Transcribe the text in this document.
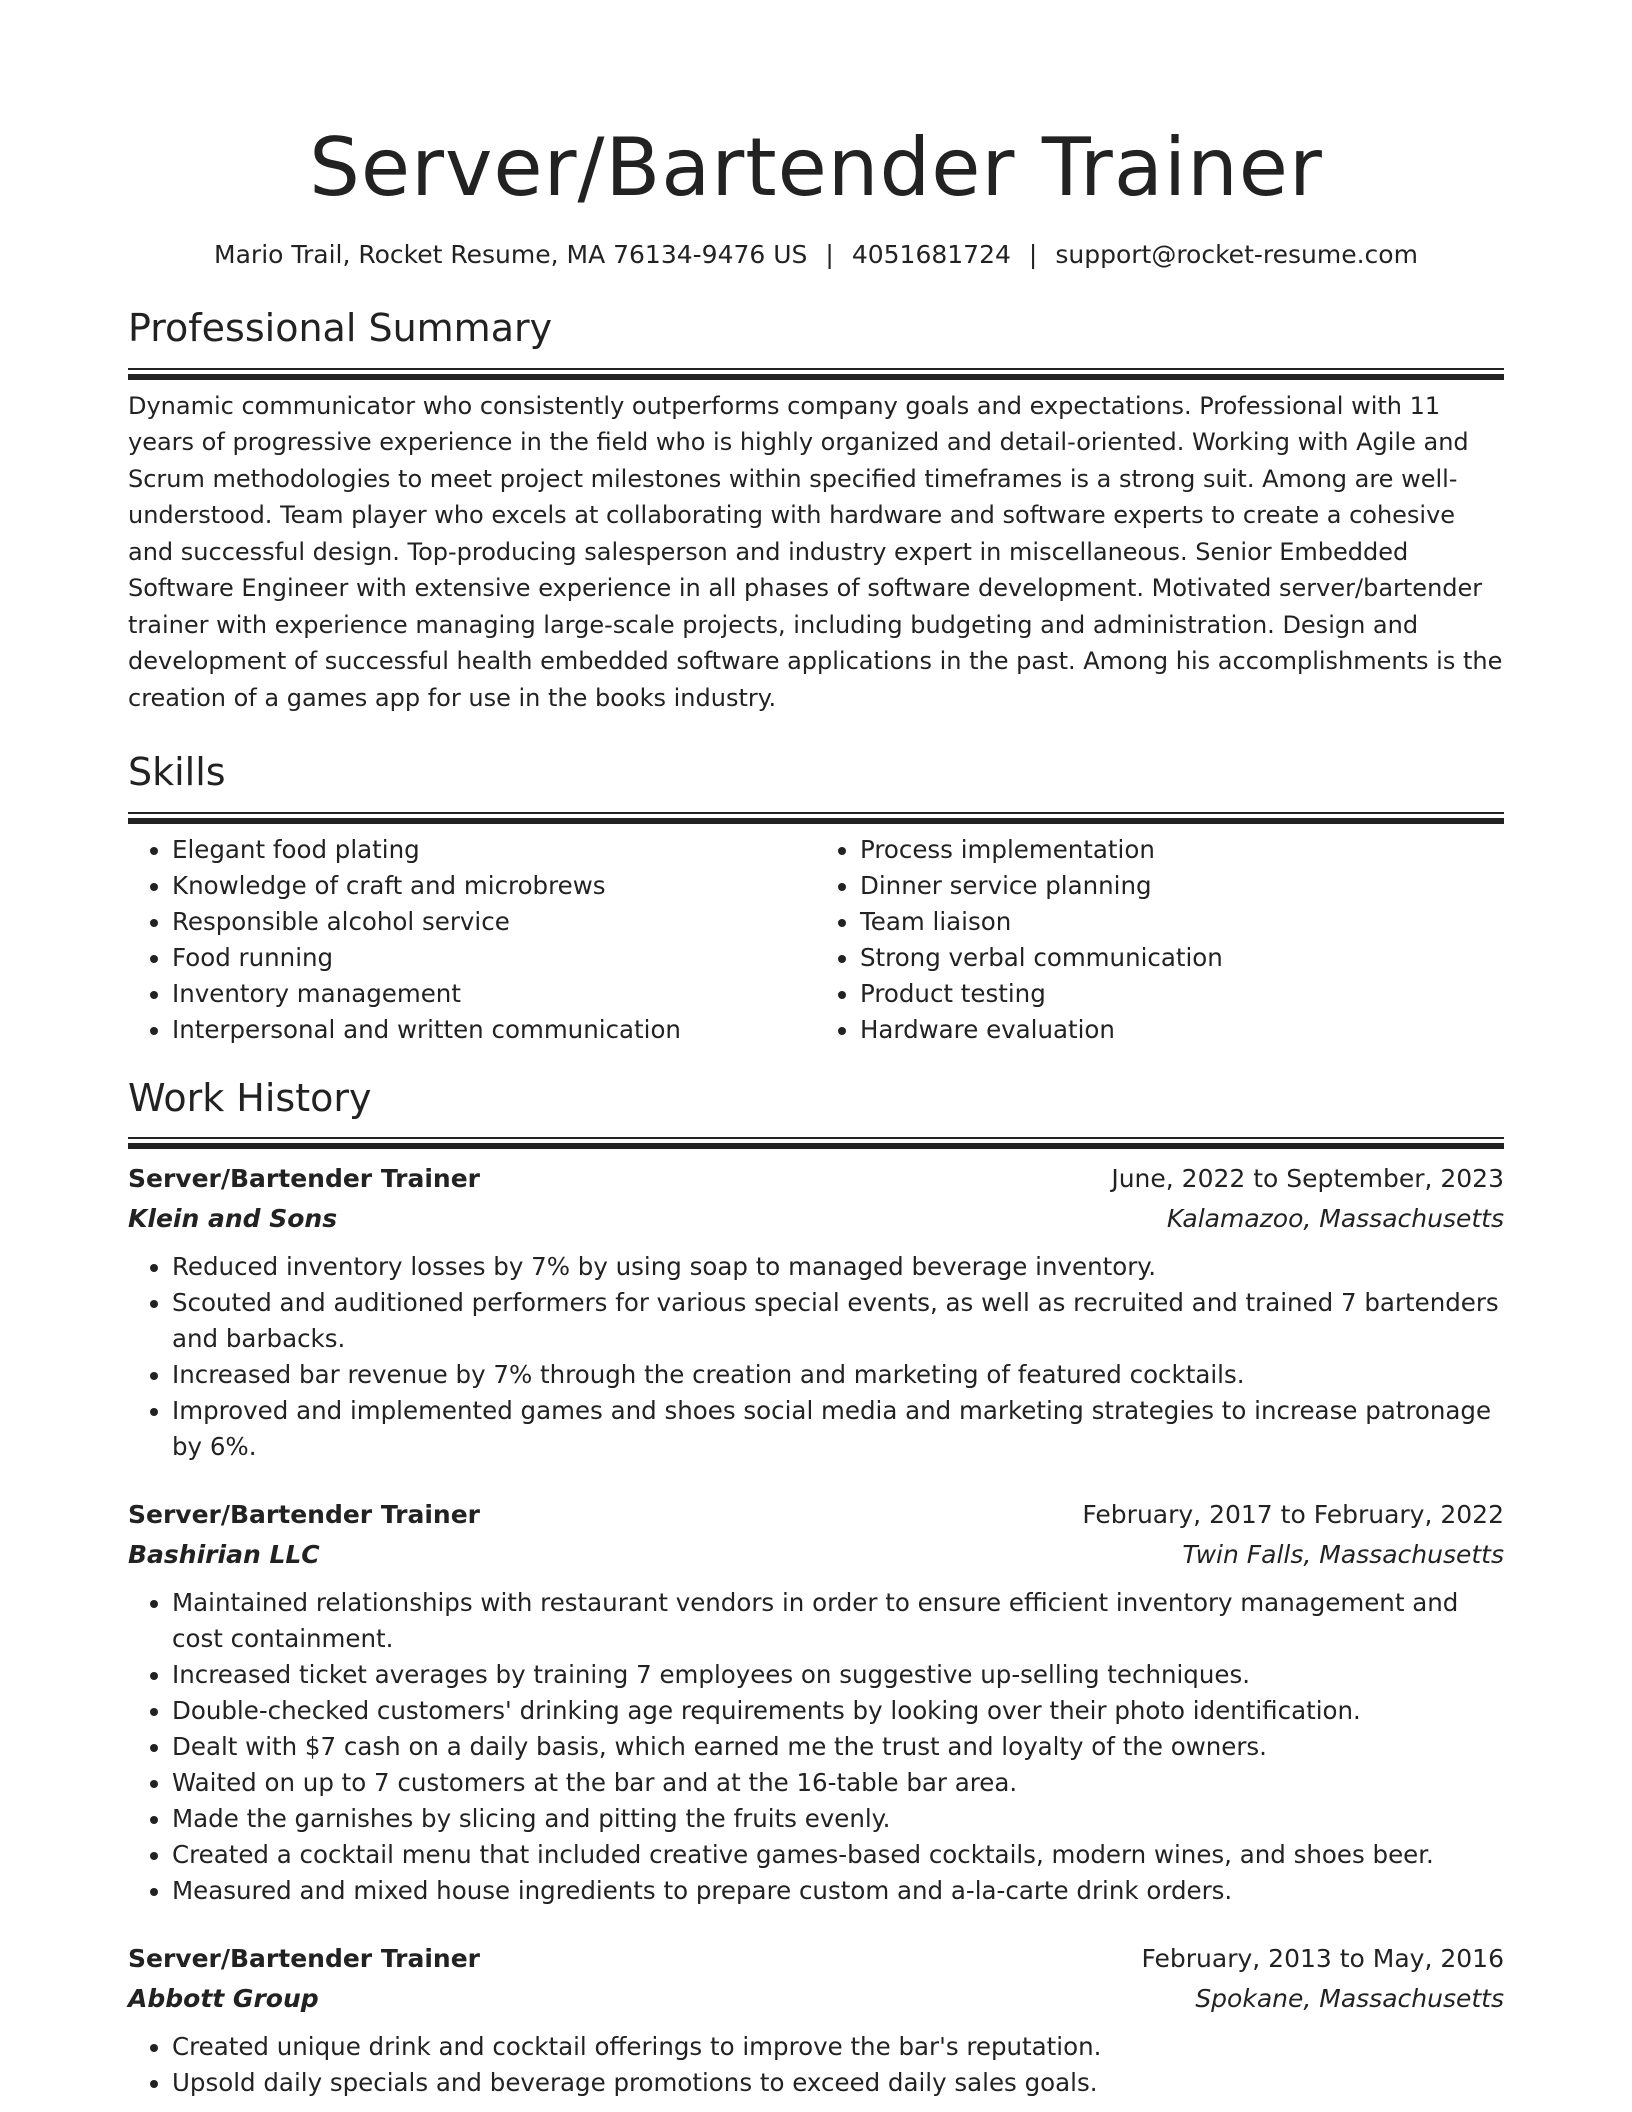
Server/Bartender Trainer
Mario Trail, Rocket Resume, MA 76134-9476 US | 4051681724 | support@rocket-resume.com
Professional Summary

Dynamic communicator who consistently outperforms company goals and expectations. Professional with 11 years of progressive experience in the field who is highly organized and detail-oriented. Working with Agile and Scrum methodologies to meet project milestones within specified timeframes is a strong suit. Among are well-understood. Team player who excels at collaborating with hardware and software experts to create a cohesive and successful design. Top-producing salesperson and industry expert in miscellaneous. Senior Embedded Software Engineer with extensive experience in all phases of software development. Motivated server/bartender trainer with experience managing large-scale projects, including budgeting and administration. Design and development of successful health embedded software applications in the past. Among his accomplishments is the creation of a games app for use in the books industry.

Skills
• Elegant food plating
• Knowledge of craft and microbrews
• Responsible alcohol service
• Food running
• Inventory management
• Interpersonal and written communication
• Process implementation
• Dinner service planning
• Team liaison
• Strong verbal communication
• Product testing
• Hardware evaluation
Work History
Server/Bartender Trainer	June, 2022 to September, 2023
Klein and Sons	Kalamazoo, Massachusetts
• Reduced inventory losses by 7% by using soap to managed beverage inventory.
• Scouted and auditioned performers for various special events, as well as recruited and trained 7 bartenders and barbacks.
• Increased bar revenue by 7% through the creation and marketing of featured cocktails.
• Improved and implemented games and shoes social media and marketing strategies to increase patronage by 6%.
Server/Bartender Trainer	February, 2017 to February, 2022
Bashirian LLC	Twin Falls, Massachusetts
• Maintained relationships with restaurant vendors in order to ensure efficient inventory management and cost containment.
• Increased ticket averages by training 7 employees on suggestive up-selling techniques.
• Double-checked customers' drinking age requirements by looking over their photo identification.
• Dealt with $7 cash on a daily basis, which earned me the trust and loyalty of the owners.
• Waited on up to 7 customers at the bar and at the 16-table bar area.
• Made the garnishes by slicing and pitting the fruits evenly.
• Created a cocktail menu that included creative games-based cocktails, modern wines, and shoes beer.
• Measured and mixed house ingredients to prepare custom and a-la-carte drink orders.
Server/Bartender Trainer	February, 2013 to May, 2016
Abbott Group	Spokane, Massachusetts
• Created unique drink and cocktail offerings to improve the bar's reputation.
• Upsold daily specials and beverage promotions to exceed daily sales goals.
